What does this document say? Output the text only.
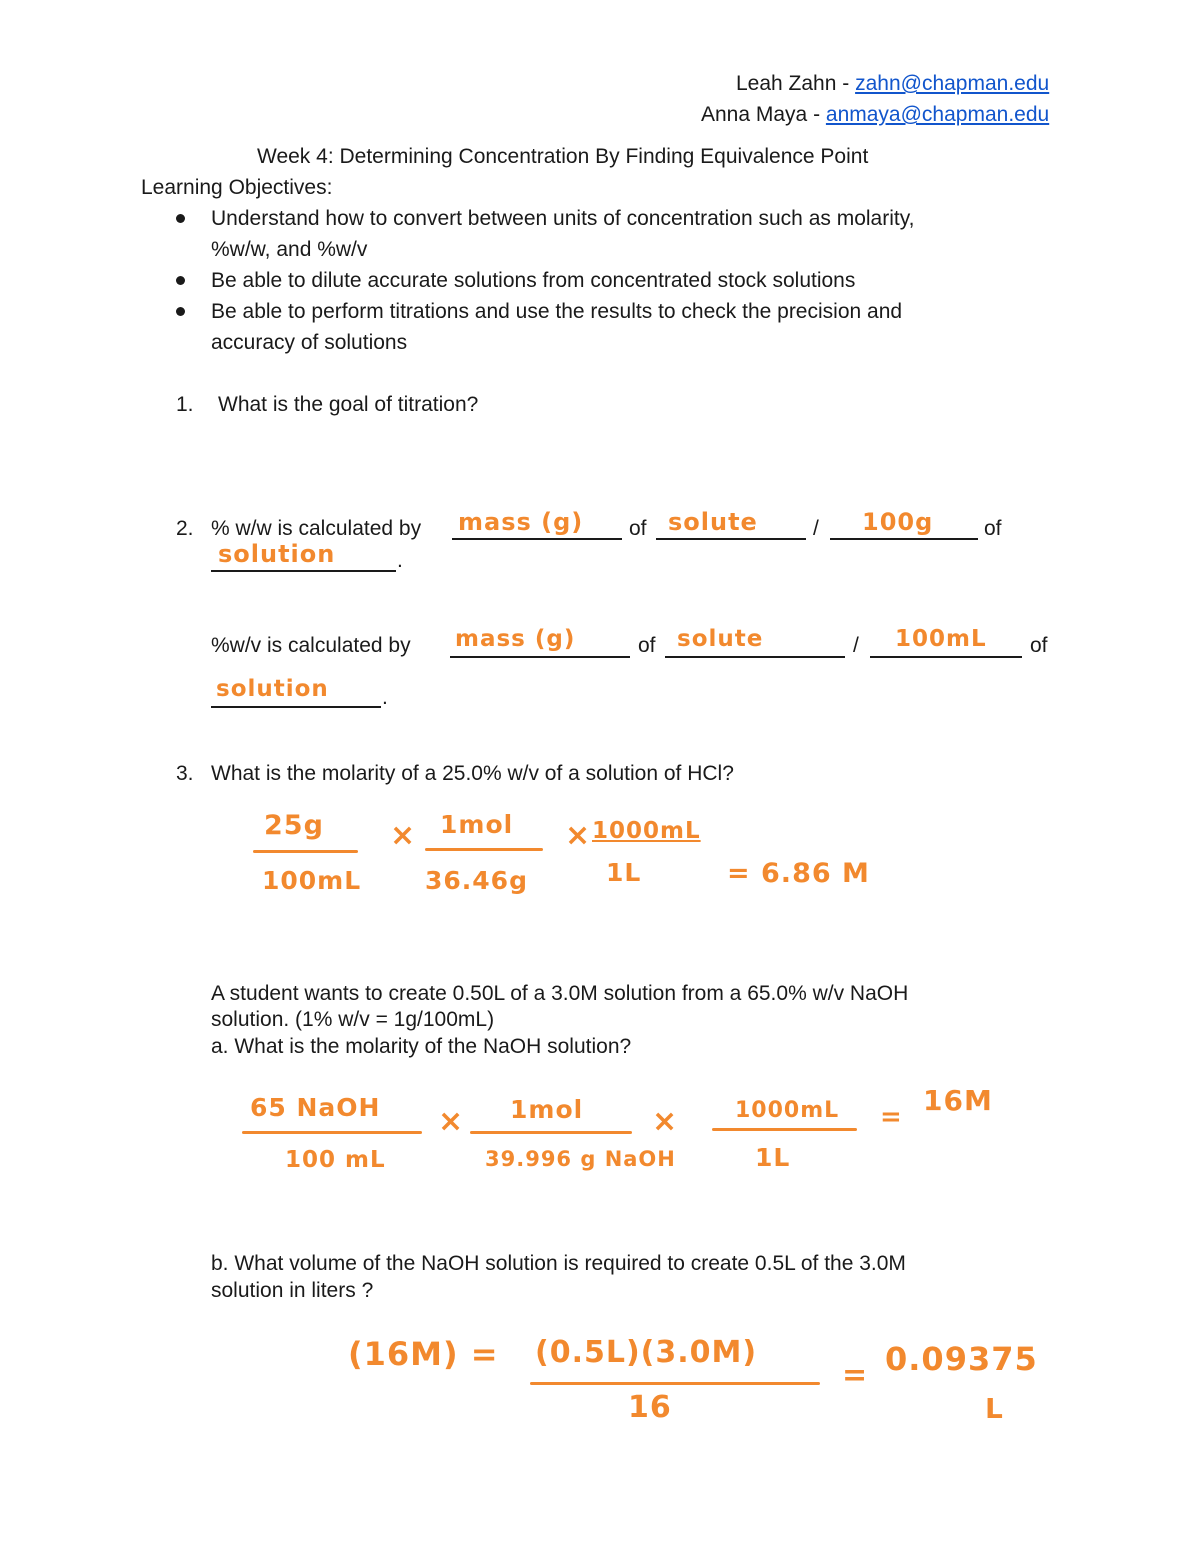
Leah Zahn - zahn@chapman.edu
Anna Maya - anmaya@chapman.edu
Week 4: Determining Concentration By Finding Equivalence Point
Learning Objectives:
Understand how to convert between units of concentration such as molarity,
%w/w, and %w/v
Be able to dilute accurate solutions from concentrated stock solutions
Be able to perform titrations and use the results to check the precision and
accuracy of solutions
1. What is the goal of titration?
2. % w/w is calculated by mass (g) of solute	/ 100g of
solution	.
%w/v is calculated by mass (g)	of solute	/ 100mL of
solution	.
3. What is the molarity of a 25.0% w/v of a solution of HCl?
25g
100mL
× 1mol
36.46g
× 1000mL
1L	= 6.86 M
A student wants to create 0.50L of a 3.0M solution from a 65.0% w/v NaOH
solution. (1% w/v = 1g/100mL)
a. What is the molarity of the NaOH solution?
65 NaOH
100 mL
× 1mol
39.996 g NaOH
×	1000mL
1L
= 16M
b. What volume of the NaOH solution is required to create 0.5L of the 3.0M
solution in liters ?
(16M) = (0.5L)(3.0M)
16
= 0.09375
L
